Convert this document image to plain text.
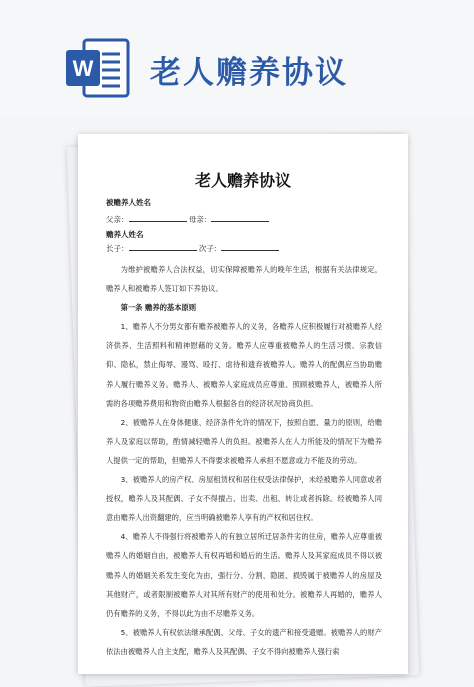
W 老人赡养协议
老人赡养协议
被赡养人姓名
父亲：	母亲：
赡养人姓名
长子：	次子：

为维护被赡养人合法权益，切实保障被赡养人的晚年生活，根据有关法律规定，赡养人和被赡养人签订如下养协议。

第一条 赡养的基本原则

1、赡养人不分男女都有赡养被赡养人的义务，各赡养人应积极履行对被赡养人经济供养、生活照料和精神慰藉的义务。赡养人应尊重被赡养人的生活习惯、宗教信仰、隐私，禁止侮辱、谩骂、殴打、虐待和遗弃被赡养人。赡养人的配偶应当协助赡养人履行赡养义务。赡养人、被赡养人家庭成员应尊重、照顾被赡养人，被赡养人所需的各项赡养费用和物资由赡养人根据各自的经济状况协商负担。

2、被赡养人在身体健康、经济条件允许的情况下，按照自愿、量力的原则，给赡养人及家庭以帮助，酌情减轻赡养人的负担。被赡养人在人力所能及的情况下为赡养人提供一定的帮助，但赡养人不得要求被赡养人承担不愿意或力不能及的劳动。

3、被赡养人的房产权、房屋租赁权和居住权受法律保护，未经被赡养人同意或者授权，赡养人及其配偶、子女不得擅占、出卖、出租、转让或者拆除。经被赡养人同意由赡养人出资翻建的，应当明确被赡养人享有的产权和居住权。

4、赡养人不得强行将被赡养人的有独立居所迁居条件劣的住房，赡养人应尊重被赡养人的婚姻自由，被赡养人有权再婚和婚后的生活。赡养人及其家庭成员不得以被赡养人的婚姻关系发生变化为由，强行分、分割、隐匿、损毁属于被赡养人的房屋及其他财产，或者限制被赡养人对其所有财产的使用和处分。被赡养人再婚的，赡养人仍有赡养的义务，不得以此为由不尽赡养义务。

5、被赡养人有权依法继承配偶、父母、子女的遗产和接受遗赠。被赡养人的财产依法由被赡养人自主支配，赡养人及其配偶、子女不得向被赡养人强行索
